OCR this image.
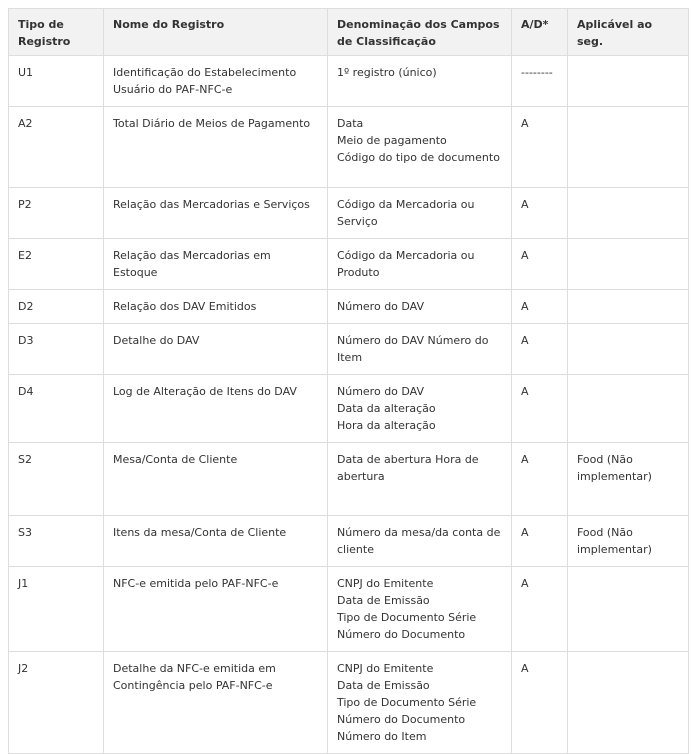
Tipo de Registro	Nome do Registro	Denominação dos Campos de Classificação	A/D*	Aplicável ao seg.
U1	Identificação do Estabelecimento Usuário do PAF-NFC-e	1º registro (único)	--------	
A2	Total Diário de Meios de Pagamento	Data
Meio de pagamento
Código do tipo de documento	A	
P2	Relação das Mercadorias e Serviços	Código da Mercadoria ou Serviço	A	
E2	Relação das Mercadorias em Estoque	Código da Mercadoria ou Produto	A	
D2	Relação dos DAV Emitidos	Número do DAV	A	
D3	Detalhe do DAV	Número do DAV Número do Item	A	
D4	Log de Alteração de Itens do DAV	Número do DAV
Data da alteração
Hora da alteração	A	
S2	Mesa/Conta de Cliente	Data de abertura Hora de abertura	A	Food (Não implementar)
S3	Itens da mesa/Conta de Cliente	Número da mesa/da conta de cliente	A	Food (Não implementar)
J1	NFC-e emitida pelo PAF-NFC-e	CNPJ do Emitente
Data de Emissão
Tipo de Documento Série
Número do Documento	A	
J2	Detalhe da NFC-e emitida em Contingência pelo PAF-NFC-e	CNPJ do Emitente
Data de Emissão
Tipo de Documento Série
Número do Documento
Número do Item	A	
